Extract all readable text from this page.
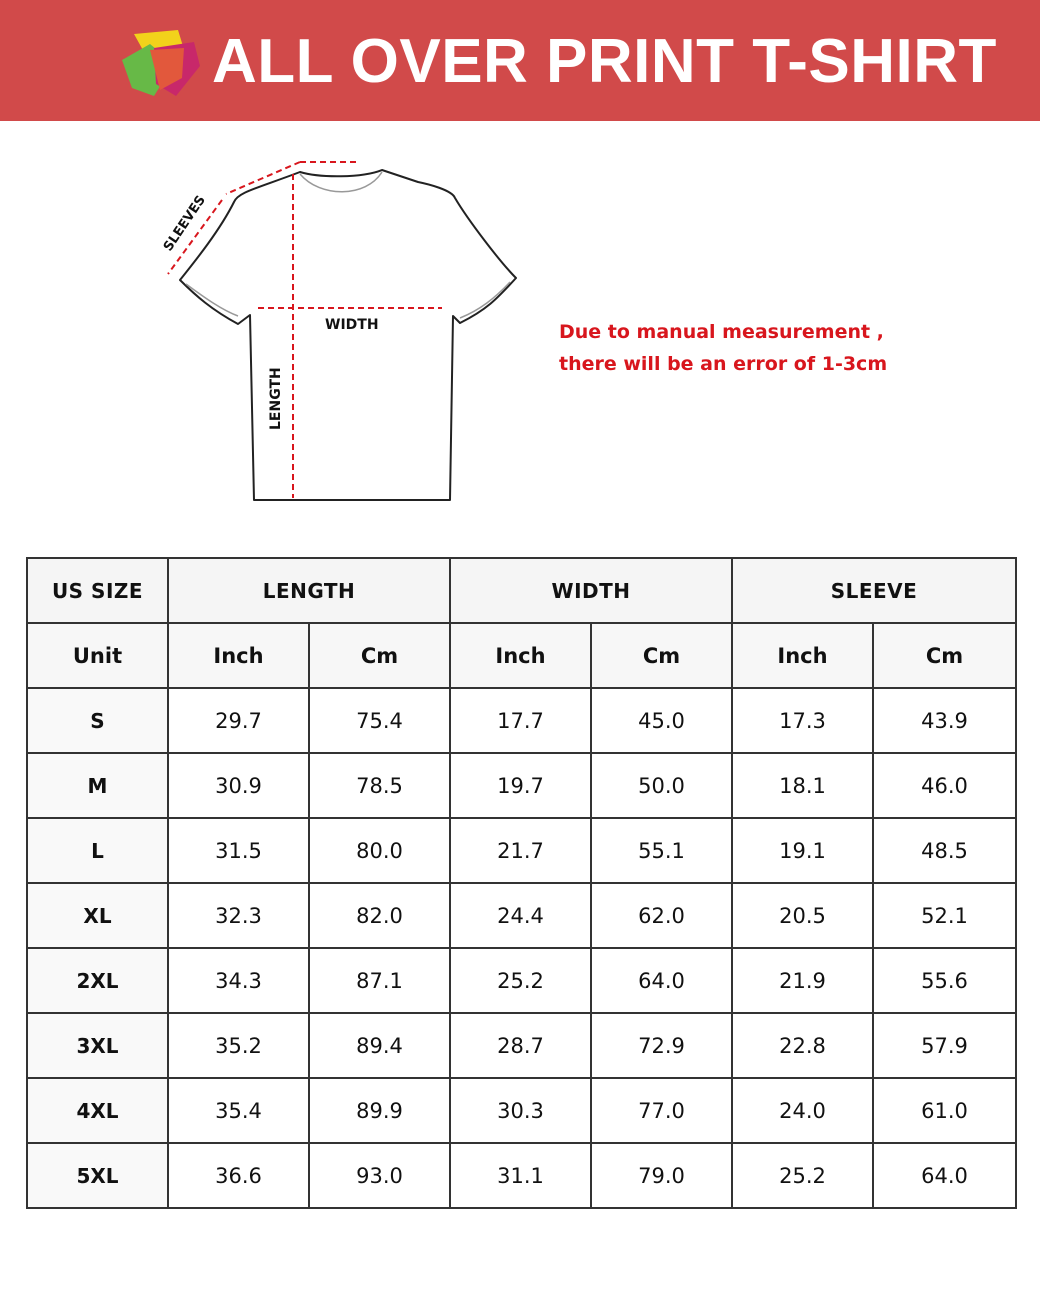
ALL OVER PRINT T-SHIRT
SLEEVES
WIDTH
LENGTH
Due to manual measurement ,
there will be an error of 1-3cm
US SIZE	LENGTH		WIDTH		SLEEVE	
Unit	Inch	Cm	Inch	Cm	Inch	Cm
S	29.7	75.4	17.7	45.0	17.3	43.9
M	30.9	78.5	19.7	50.0	18.1	46.0
L	31.5	80.0	21.7	55.1	19.1	48.5
XL	32.3	82.0	24.4	62.0	20.5	52.1
2XL	34.3	87.1	25.2	64.0	21.9	55.6
3XL	35.2	89.4	28.7	72.9	22.8	57.9
4XL	35.4	89.9	30.3	77.0	24.0	61.0
5XL	36.6	93.0	31.1	79.0	25.2	64.0
